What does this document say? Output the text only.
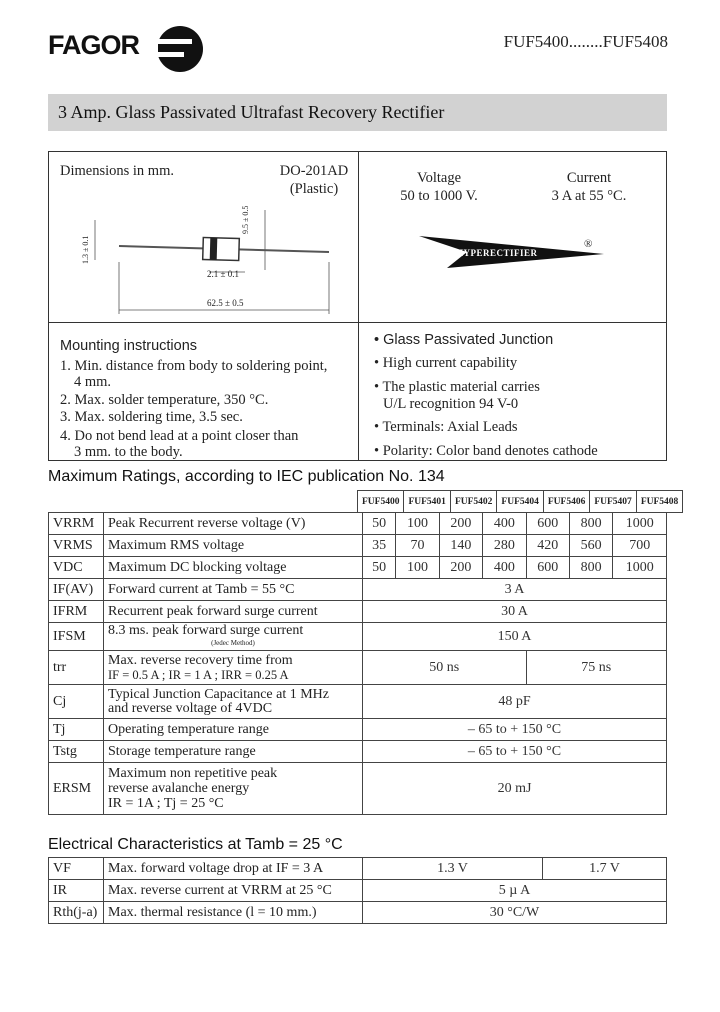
FAGOR	FUF5400........FUF5408
3 Amp. Glass Passivated Ultrafast Recovery Rectifier
Dimensions in mm.	DO-201AD
(Plastic)
9.5 ± 0.5
1.3 ± 0.1
2.1 ± 0.1
62.5 ± 0.5
Voltage
50 to 1000 V.
Current
3 A at 55 °C.
HYPERECTIFIER
®
Mounting instructions
1. Min. distance from body to soldering point,
4 mm.
2. Max. solder temperature, 350 °C.
3. Max. soldering time, 3.5 sec.
4. Do not bend lead at a point closer than
3 mm. to the body.
• Glass Passivated Junction
• High current capability
• The plastic material carries
U/L recognition 94 V-0
• Terminals: Axial Leads
• Polarity: Color band denotes cathode
Maximum Ratings, according to IEC publication No. 134
FUF5400	FUF5401	FUF5402	FUF5404	FUF5406	FUF5407	FUF5408
VRRM	Peak Recurrent reverse voltage (V)	50	100	200	400	600	800	1000
VRMS	Maximum RMS voltage	35	70	140	280	420	560	700
VDC	Maximum DC blocking voltage	50	100	200	400	600	800	1000
IF(AV)	Forward current at Tamb = 55 °C	3 A						
IFRM	Recurrent peak forward surge current	30 A						
IFSM	8.3 ms. peak forward surge current
(Jedec Method)	150 A						
trr	Max. reverse recovery time from
IF = 0.5 A ; IR = 1 A ; IRR = 0.25 A	50 ns				75 ns		
Cj	Typical Junction Capacitance at 1 MHz
and reverse voltage of 4VDC	48 pF						
Tj	Operating temperature range	– 65 to + 150 °C						
Tstg	Storage temperature range	– 65 to + 150 °C						
ERSM	Maximum non repetitive peak
reverse avalanche energy
IR = 1A ; Tj = 25 °C	20 mJ						
Electrical Characteristics at Tamb = 25 °C
VF	Max. forward voltage drop at IF = 3 A	1.3 V	1.7 V
IR	Max. reverse current at VRRM at 25 °C	5 µ A	
Rth(j-a)	Max. thermal resistance (l = 10 mm.)	30 °C/W	
